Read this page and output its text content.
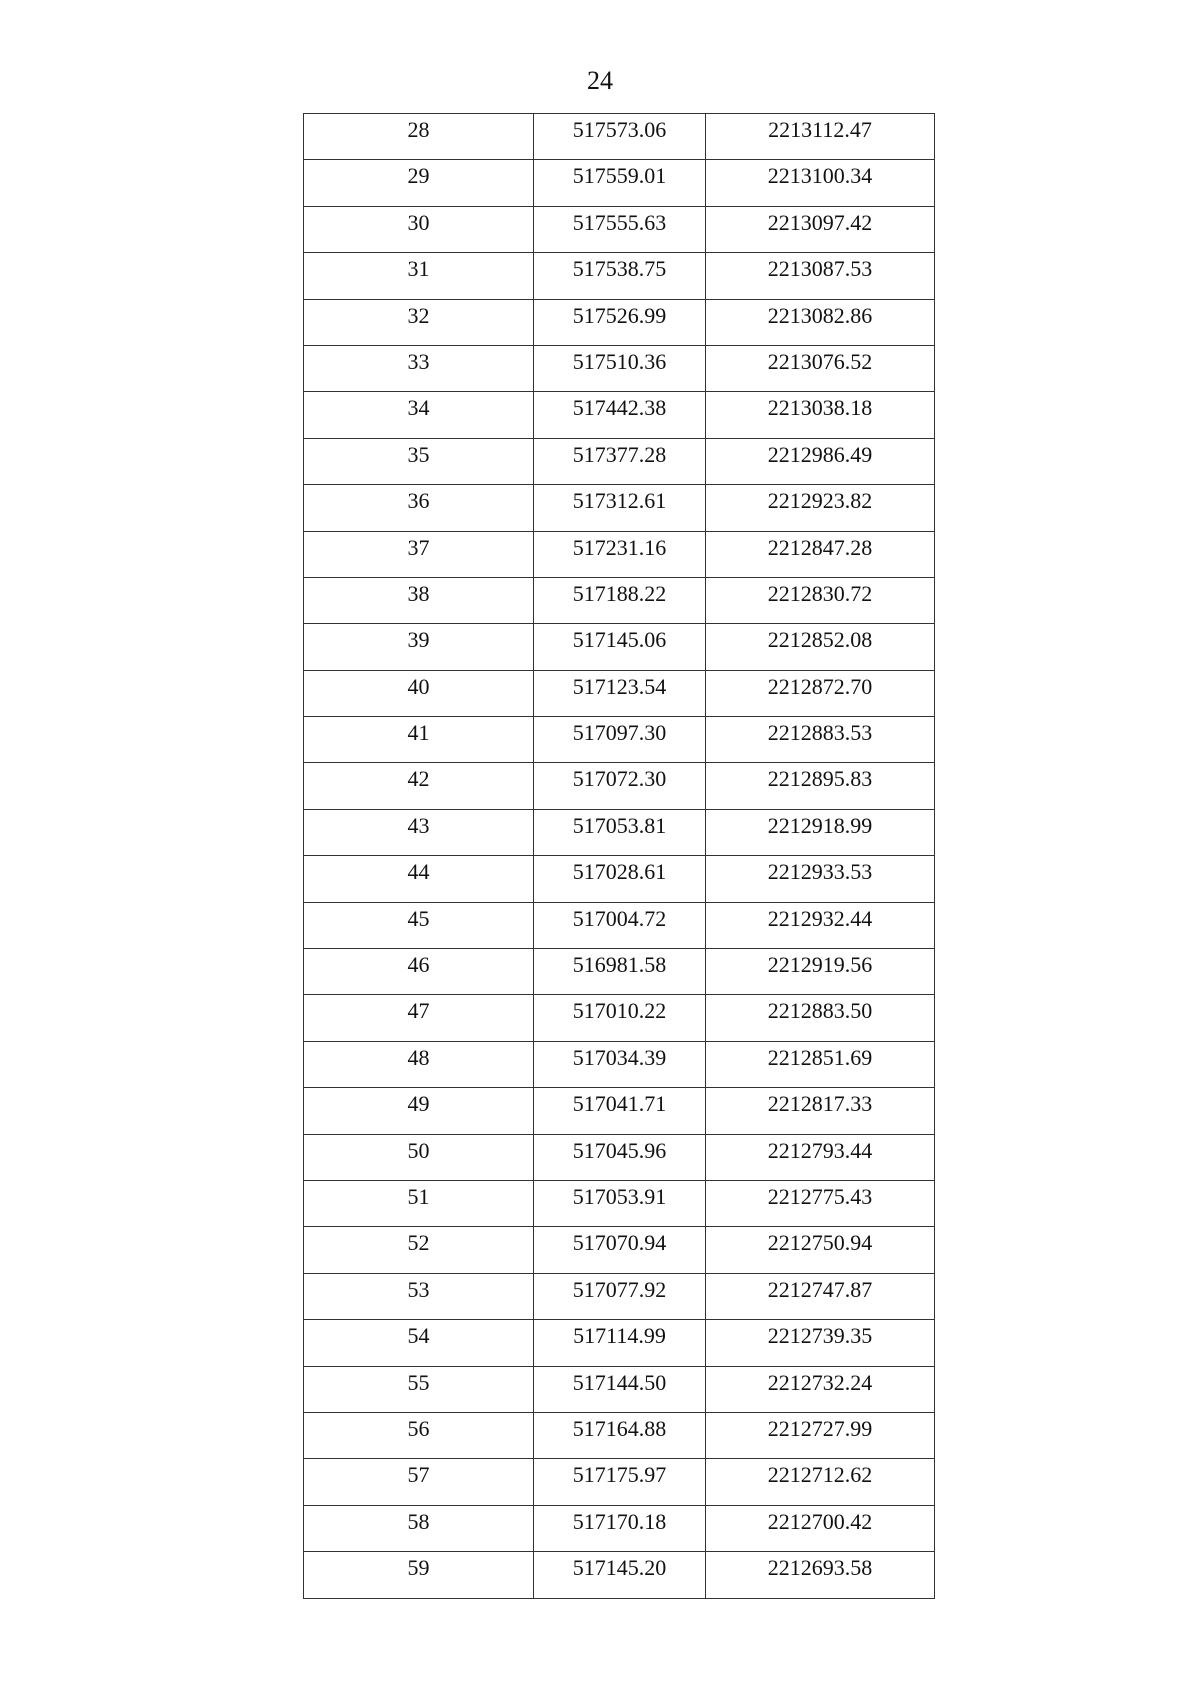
24
28	517573.06	2213112.47

29	517559.01	2213100.34

30	517555.63	2213097.42

31	517538.75	2213087.53

32	517526.99	2213082.86

33	517510.36	2213076.52

34	517442.38	2213038.18

35	517377.28	2212986.49

36	517312.61	2212923.82

37	517231.16	2212847.28

38	517188.22	2212830.72

39	517145.06	2212852.08

40	517123.54	2212872.70

41	517097.30	2212883.53

42	517072.30	2212895.83

43	517053.81	2212918.99

44	517028.61	2212933.53

45	517004.72	2212932.44

46	516981.58	2212919.56

47	517010.22	2212883.50

48	517034.39	2212851.69

49	517041.71	2212817.33

50	517045.96	2212793.44

51	517053.91	2212775.43

52	517070.94	2212750.94

53	517077.92	2212747.87

54	517114.99	2212739.35

55	517144.50	2212732.24

56	517164.88	2212727.99

57	517175.97	2212712.62

58	517170.18	2212700.42

59	517145.20	2212693.58
